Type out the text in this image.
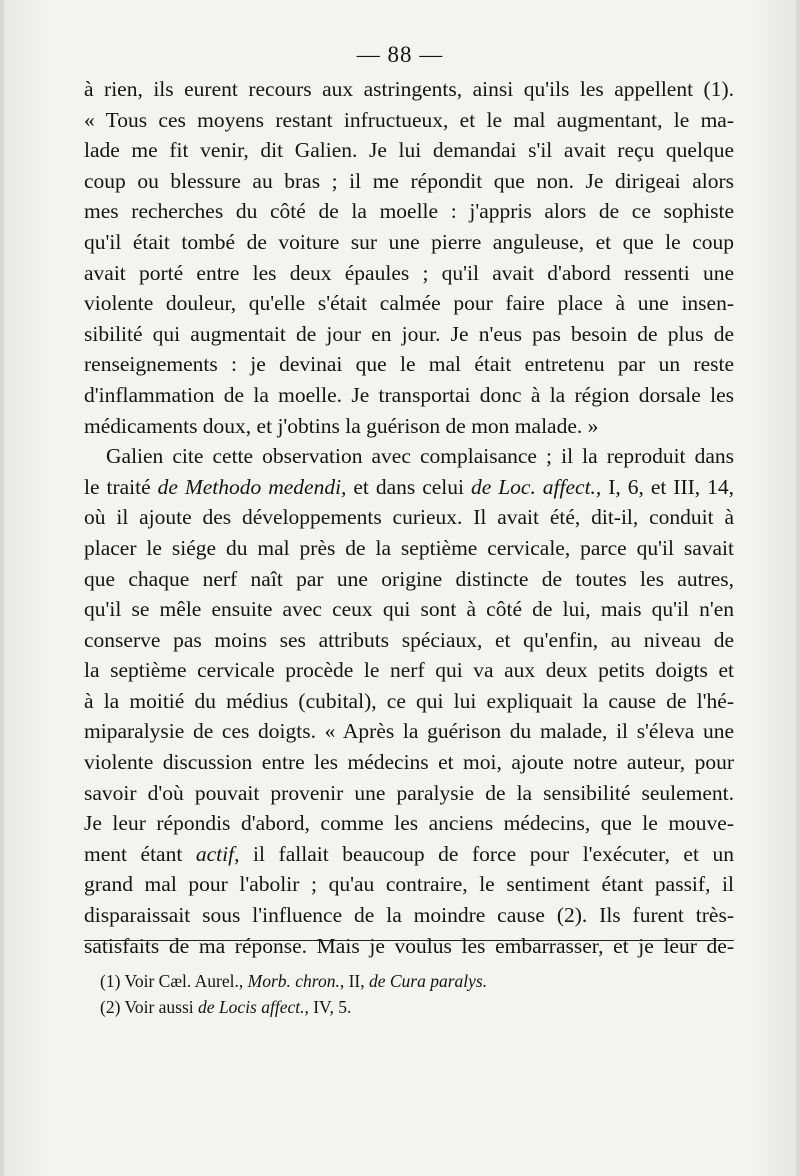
— 88 —
à rien, ils eurent recours aux astringents, ainsi qu'ils les appellent (1).
« Tous ces moyens restant infructueux, et le mal augmentant, le ma-
lade me fit venir, dit Galien. Je lui demandai s'il avait reçu quelque
coup ou blessure au bras ; il me répondit que non. Je dirigeai alors
mes recherches du côté de la moelle : j'appris alors de ce sophiste
qu'il était tombé de voiture sur une pierre anguleuse, et que le coup
avait porté entre les deux épaules ; qu'il avait d'abord ressenti une
violente douleur, qu'elle s'était calmée pour faire place à une insen-
sibilité qui augmentait de jour en jour. Je n'eus pas besoin de plus de
renseignements : je devinai que le mal était entretenu par un reste
d'inflammation de la moelle. Je transportai donc à la région dorsale les
médicaments doux, et j'obtins la guérison de mon malade. »
Galien cite cette observation avec complaisance ; il la reproduit dans
le traité de Methodo medendi, et dans celui de Loc. affect., I, 6, et III, 14,
où il ajoute des développements curieux. Il avait été, dit-il, conduit à
placer le siége du mal près de la septième cervicale, parce qu'il savait
que chaque nerf naît par une origine distincte de toutes les autres,
qu'il se mêle ensuite avec ceux qui sont à côté de lui, mais qu'il n'en
conserve pas moins ses attributs spéciaux, et qu'enfin, au niveau de
la septième cervicale procède le nerf qui va aux deux petits doigts et
à la moitié du médius (cubital), ce qui lui expliquait la cause de l'hé-
miparalysie de ces doigts. « Après la guérison du malade, il s'éleva une
violente discussion entre les médecins et moi, ajoute notre auteur, pour
savoir d'où pouvait provenir une paralysie de la sensibilité seulement.
Je leur répondis d'abord, comme les anciens médecins, que le mouve-
ment étant actif, il fallait beaucoup de force pour l'exécuter, et un
grand mal pour l'abolir ; qu'au contraire, le sentiment étant passif, il
disparaissait sous l'influence de la moindre cause (2). Ils furent très-
satisfaits de ma réponse. Mais je voulus les embarrasser, et je leur de-
(1) Voir Cæl. Aurel., Morb. chron., II, de Cura paralys.
(2) Voir aussi de Locis affect., IV, 5.
